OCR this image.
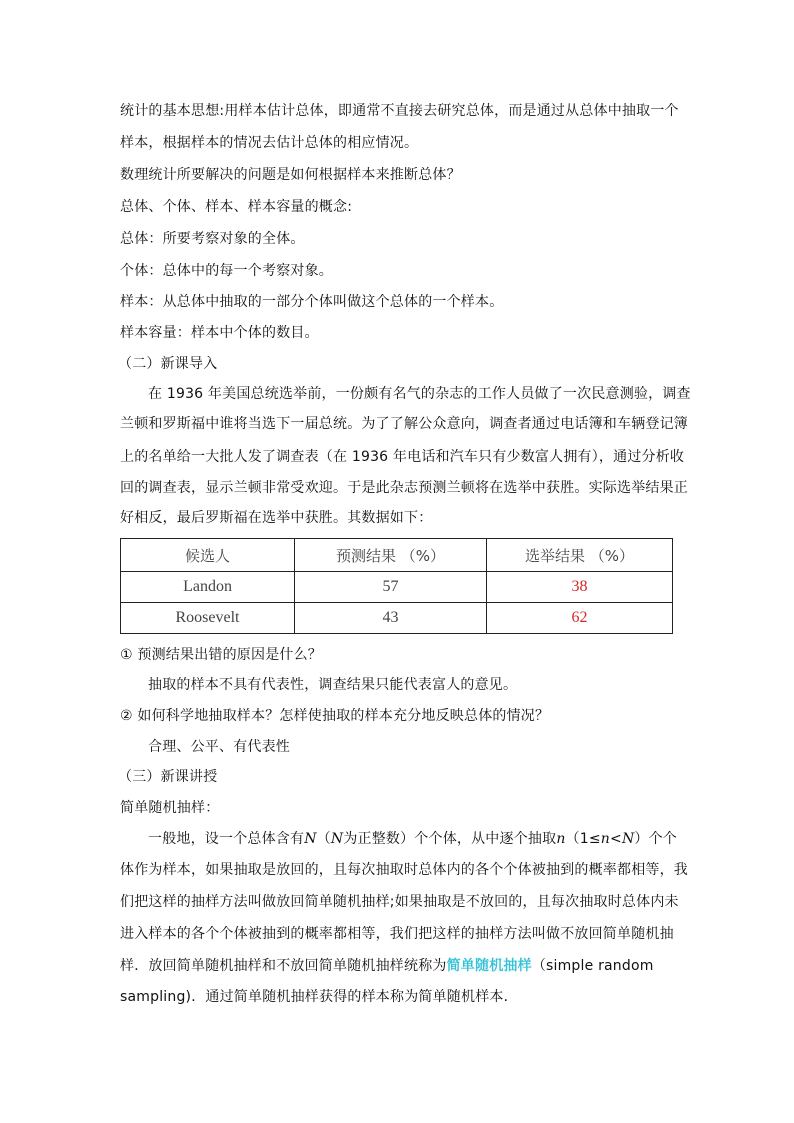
统计的基本思想:用样本估计总体，即通常不直接去研究总体，而是通过从总体中抽取一个
样本，根据样本的情况去估计总体的相应情况。
数理统计所要解决的问题是如何根据样本来推断总体？
总体、个体、样本、样本容量的概念:
总体：所要考察对象的全体。
个体：总体中的每一个考察对象。
样本：从总体中抽取的一部分个体叫做这个总体的一个样本。
样本容量：样本中个体的数目。
（二）新课导入
在 1936 年美国总统选举前，一份颇有名气的杂志的工作人员做了一次民意测验，调查
兰顿和罗斯福中谁将当选下一届总统。为了了解公众意向，调查者通过电话簿和车辆登记簿
上的名单给一大批人发了调查表（在 1936 年电话和汽车只有少数富人拥有），通过分析收
回的调查表，显示兰顿非常受欢迎。于是此杂志预测兰顿将在选举中获胜。实际选举结果正
好相反，最后罗斯福在选举中获胜。其数据如下：
候选人	预测结果 （%）	选举结果 （%）
Landon	57	38
Roosevelt	43	62
① 预测结果出错的原因是什么？
抽取的样本不具有代表性，调查结果只能代表富人的意见。
② 如何科学地抽取样本？怎样使抽取的样本充分地反映总体的情况？
合理、公平、有代表性
（三）新课讲授
简单随机抽样：
一般地，设一个总体含有N（N为正整数）个个体，从中逐个抽取n（1≤n<N）个个
体作为样本，如果抽取是放回的，且每次抽取时总体内的各个个体被抽到的概率都相等，我
们把这样的抽样方法叫做放回简单随机抽样;如果抽取是不放回的，且每次抽取时总体内未
进入样本的各个个体被抽到的概率都相等，我们把这样的抽样方法叫做不放回简单随机抽
样．放回简单随机抽样和不放回简单随机抽样统称为简单随机抽样（simple random
sampling)．通过简单随机抽样获得的样本称为简单随机样本．
